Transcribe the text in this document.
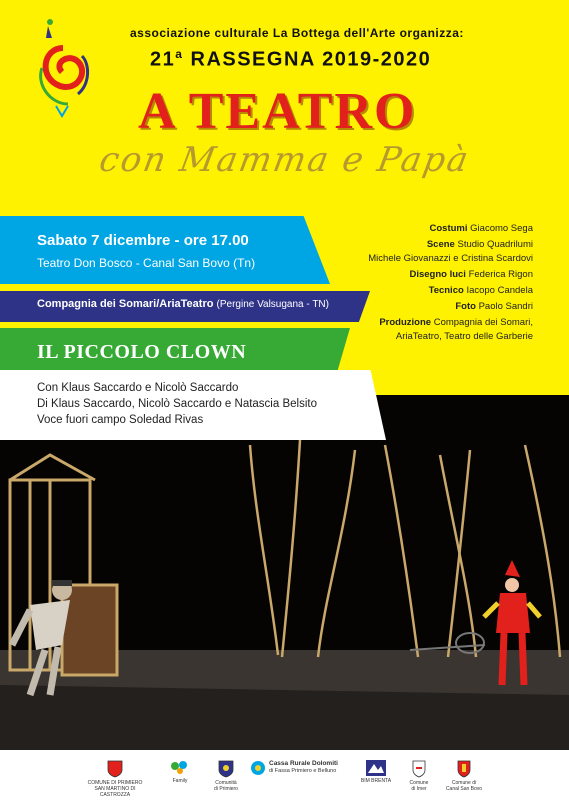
associazione culturale La Bottega dell'Arte organizza:
21$^a$ RASSEGNA 2019-2020
A TEATRO
con Mamma e Papà
Costumi Giacomo Sega
Scene Studio Quadrilumi
Michele Giovanazzi e Cristina Scardovi
Disegno luci Federica Rigon
Tecnico Iacopo Candela
Foto Paolo Sandri
Produzione Compagnia dei Somari,
AriaTeatro, Teatro delle Garberie
Sabato 7 dicembre - ore 17.00
Teatro Don Bosco - Canal San Bovo (Tn)
Compagnia dei Somari/AriaTeatro (Pergine Valsugana - TN)
IL PICCOLO CLOWN
Con Klaus Saccardo e Nicolò Saccardo
Di Klaus Saccardo, Nicolò Saccardo e Natascia Belsito
Voce fuori campo Soledad Rivas
COMUNE DI PRIMIERO
SAN MARTINO DI CASTROZZA
Family	Comunità
di Primiero
Cassa Rurale Dolomiti
di Fassa Primiero e Belluno
BIM BRENTA	Comune
di Imer
Comune di
Canal San Bovo
